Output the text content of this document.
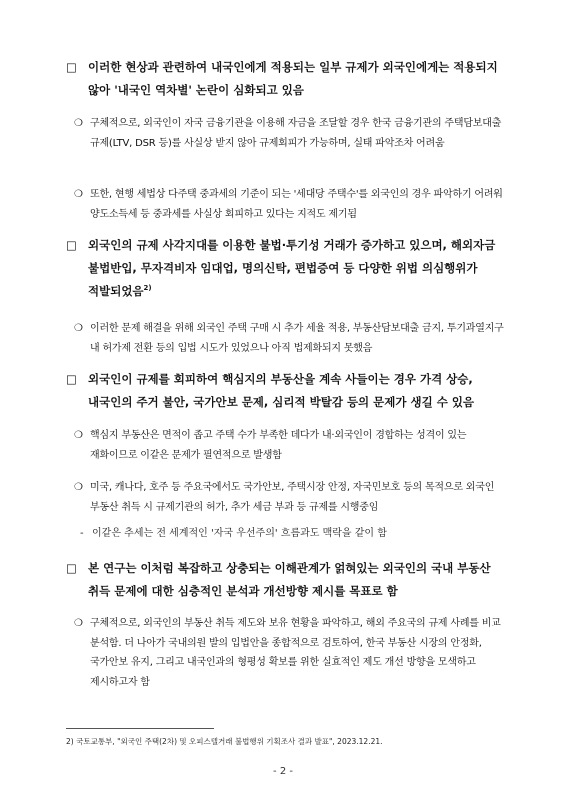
□ 이러한 현상과 관련하여 내국인에게 적용되는 일부 규제가 외국인에게는 적용되지 않아 '내국인 역차별' 논란이 심화되고 있음
❍ 구체적으로, 외국인이 자국 금융기관을 이용해 자금을 조달할 경우 한국 금융기관의 주택담보대출 규제(LTV, DSR 등)를 사실상 받지 않아 규제회피가 가능하며, 실태 파악조차 어려움
❍ 또한, 현행 세법상 다주택 중과세의 기준이 되는 '세대당 주택수'를 외국인의 경우 파악하기 어려워 양도소득세 등 중과세를 사실상 회피하고 있다는 지적도 제기됨
□ 외국인의 규제 사각지대를 이용한 불법·투기성 거래가 증가하고 있으며, 해외자금 불법반입, 무자격비자 임대업, 명의신탁, 편법증여 등 다양한 위법 의심행위가 적발되었음$^{2)}$
❍ 이러한 문제 해결을 위해 외국인 주택 구매 시 추가 세율 적용, 부동산담보대출 금지, 투기과열지구 내 허가제 전환 등의 입법 시도가 있었으나 아직 법제화되지 못했음
□ 외국인이 규제를 회피하여 핵심지의 부동산을 계속 사들이는 경우 가격 상승, 내국인의 주거 불안, 국가안보 문제, 심리적 박탈감 등의 문제가 생길 수 있음
❍ 핵심지 부동산은 면적이 좁고 주택 수가 부족한 데다가 내·외국인이 경합하는 성격이 있는 재화이므로 이같은 문제가 필연적으로 발생함
❍ 미국, 캐나다, 호주 등 주요국에서도 국가안보, 주택시장 안정, 자국민보호 등의 목적으로 외국인 부동산 취득 시 규제기관의 허가, 추가 세금 부과 등 규제를 시행중임
- 이같은 추세는 전 세계적인 '자국 우선주의' 흐름과도 맥락을 같이 함
□ 본 연구는 이처럼 복잡하고 상충되는 이해관계가 얽혀있는 외국인의 국내 부동산 취득 문제에 대한 심층적인 분석과 개선방향 제시를 목표로 함
❍ 구체적으로, 외국인의 부동산 취득 제도와 보유 현황을 파악하고, 해외 주요국의 규제 사례를 비교 분석함. 더 나아가 국내의원 발의 입법안을 종합적으로 검토하여, 한국 부동산 시장의 안정화, 국가안보 유지, 그리고 내국인과의 형평성 확보를 위한 실효적인 제도 개선 방향을 모색하고 제시하고자 함
2) 국토교통부, "외국인 주택(2차) 및 오피스텔거래 불법행위 기획조사 결과 발표", 2023.12.21.
- 2 -
